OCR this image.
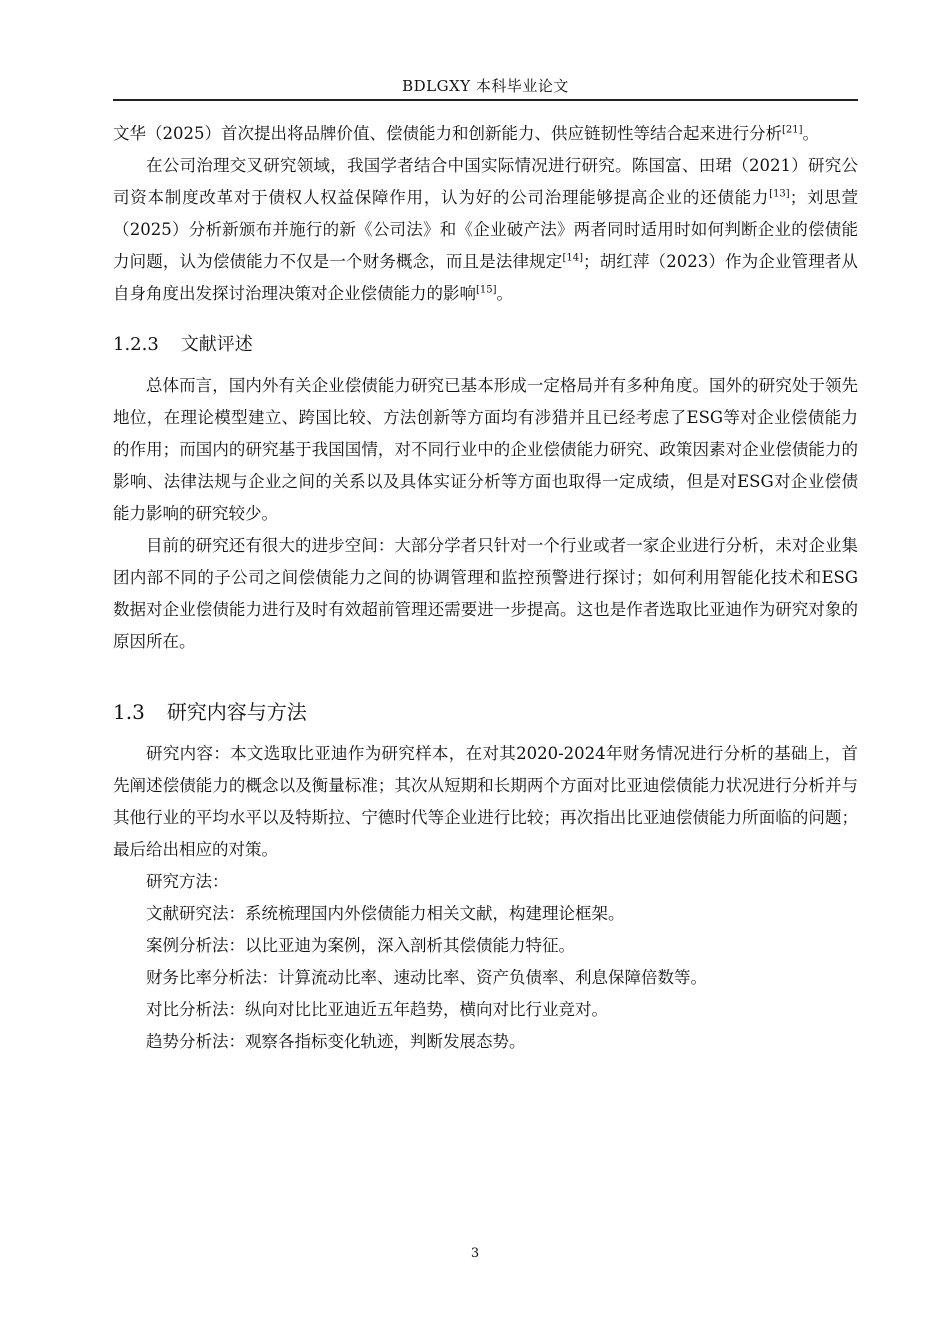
BDLGXY 本科毕业论文

文华（2025）首次提出将品牌价值、偿债能力和创新能力、供应链韧性等结合起来进行分析[21]。

在公司治理交叉研究领域，我国学者结合中国实际情况进行研究。陈国富、田珺（2021）研究公司资本制度改革对于债权人权益保障作用，认为好的公司治理能够提高企业的还债能力[13]；刘思萱（2025）分析新颁布并施行的新《公司法》和《企业破产法》两者同时适用时如何判断企业的偿债能力问题，认为偿债能力不仅是一个财务概念，而且是法律规定[14]；胡红萍（2023）作为企业管理者从自身角度出发探讨治理决策对企业偿债能力的影响[15]。

1.2.3 文献评述

总体而言，国内外有关企业偿债能力研究已基本形成一定格局并有多种角度。国外的研究处于领先地位，在理论模型建立、跨国比较、方法创新等方面均有涉猎并且已经考虑了ESG等对企业偿债能力的作用；而国内的研究基于我国国情，对不同行业中的企业偿债能力研究、政策因素对企业偿债能力的影响、法律法规与企业之间的关系以及具体实证分析等方面也取得一定成绩，但是对ESG对企业偿债能力影响的研究较少。

目前的研究还有很大的进步空间：大部分学者只针对一个行业或者一家企业进行分析，未对企业集团内部不同的子公司之间偿债能力之间的协调管理和监控预警进行探讨；如何利用智能化技术和ESG数据对企业偿债能力进行及时有效超前管理还需要进一步提高。这也是作者选取比亚迪作为研究对象的原因所在。

1.3 研究内容与方法

研究内容：本文选取比亚迪作为研究样本，在对其2020-2024年财务情况进行分析的基础上，首先阐述偿债能力的概念以及衡量标准；其次从短期和长期两个方面对比亚迪偿债能力状况进行分析并与其他行业的平均水平以及特斯拉、宁德时代等企业进行比较；再次指出比亚迪偿债能力所面临的问题；最后给出相应的对策。

研究方法：

文献研究法：系统梳理国内外偿债能力相关文献，构建理论框架。

案例分析法：以比亚迪为案例，深入剖析其偿债能力特征。

财务比率分析法：计算流动比率、速动比率、资产负债率、利息保障倍数等。

对比分析法：纵向对比比亚迪近五年趋势，横向对比行业竞对。

趋势分析法：观察各指标变化轨迹，判断发展态势。

3
